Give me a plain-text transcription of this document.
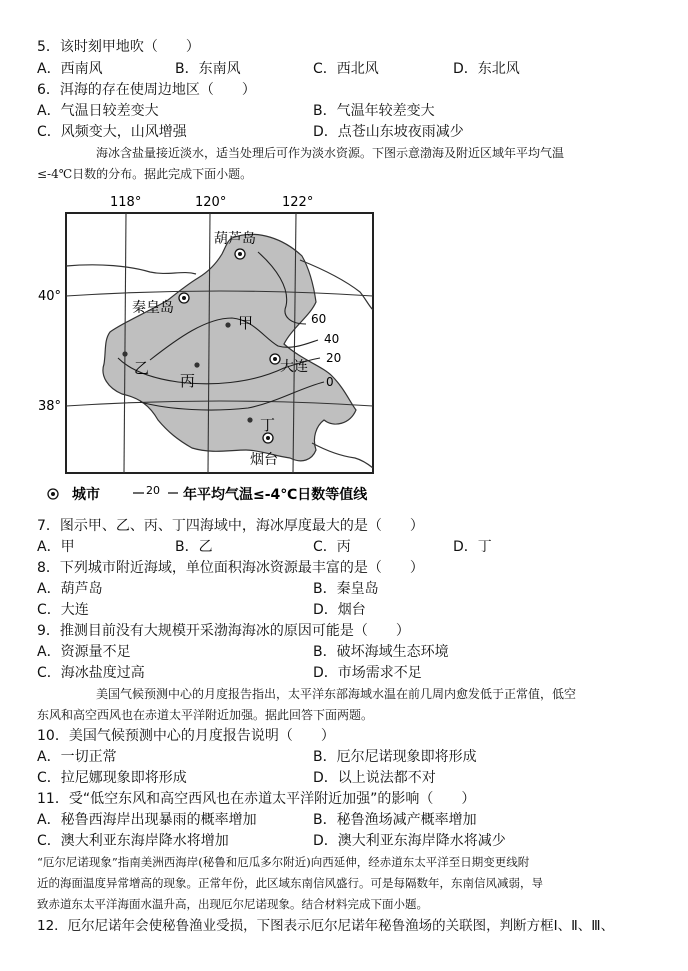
5．该时刻甲地吹（　　）
A．西南风	B．东南风	C．西北风	D．东北风
6．洱海的存在使周边地区（　　）
A．气温日较差变大	B．气温年较差变大
C．风频变大，山风增强	D．点苍山东坡夜雨减少
海冰含盐量接近淡水，适当处理后可作为淡水资源。下图示意渤海及附近区域年平均气温
≤-4℃日数的分布。据此完成下面小题。
118°	120°	122°
40°
38°
60
40
20
0
葫芦岛
秦皇岛
大连
烟台
甲
乙
丙
丁
城市	20 年平均气温≤-4℃日数等值线
7．图示甲、乙、丙、丁四海域中，海冰厚度最大的是（　　）
A．甲	B．乙	C．丙	D．丁
8．下列城市附近海域，单位面积海冰资源最丰富的是（　　）
A．葫芦岛	B．秦皇岛
C．大连	D．烟台
9．推测目前没有大规模开采渤海海冰的原因可能是（　　）
A．资源量不足	B．破坏海域生态环境
C．海冰盐度过高	D．市场需求不足
美国气候预测中心的月度报告指出，太平洋东部海域水温在前几周内愈发低于正常值，低空
东风和高空西风也在赤道太平洋附近加强。据此回答下面两题。
10．美国气候预测中心的月度报告说明（　　）
A．一切正常	B．厄尔尼诺现象即将形成
C．拉尼娜现象即将形成	D．以上说法都不对
11．受“低空东风和高空西风也在赤道太平洋附近加强”的影响（　　）
A．秘鲁西海岸出现暴雨的概率增加	B．秘鲁渔场减产概率增加
C．澳大利亚东海岸降水将增加	D．澳大利亚东海岸降水将减少
“厄尔尼诺现象”指南美洲西海岸(秘鲁和厄瓜多尔附近)向西延伸，经赤道东太平洋至日期变更线附
近的海面温度异常增高的现象。正常年份，此区域东南信风盛行。可是每隔数年，东南信风减弱，导
致赤道东太平洋海面水温升高，出现厄尔尼诺现象。结合材料完成下面小题。
12．厄尔尼诺年会使秘鲁渔业受损，下图表示厄尔尼诺年秘鲁渔场的关联图，判断方框Ⅰ、Ⅱ、Ⅲ、
